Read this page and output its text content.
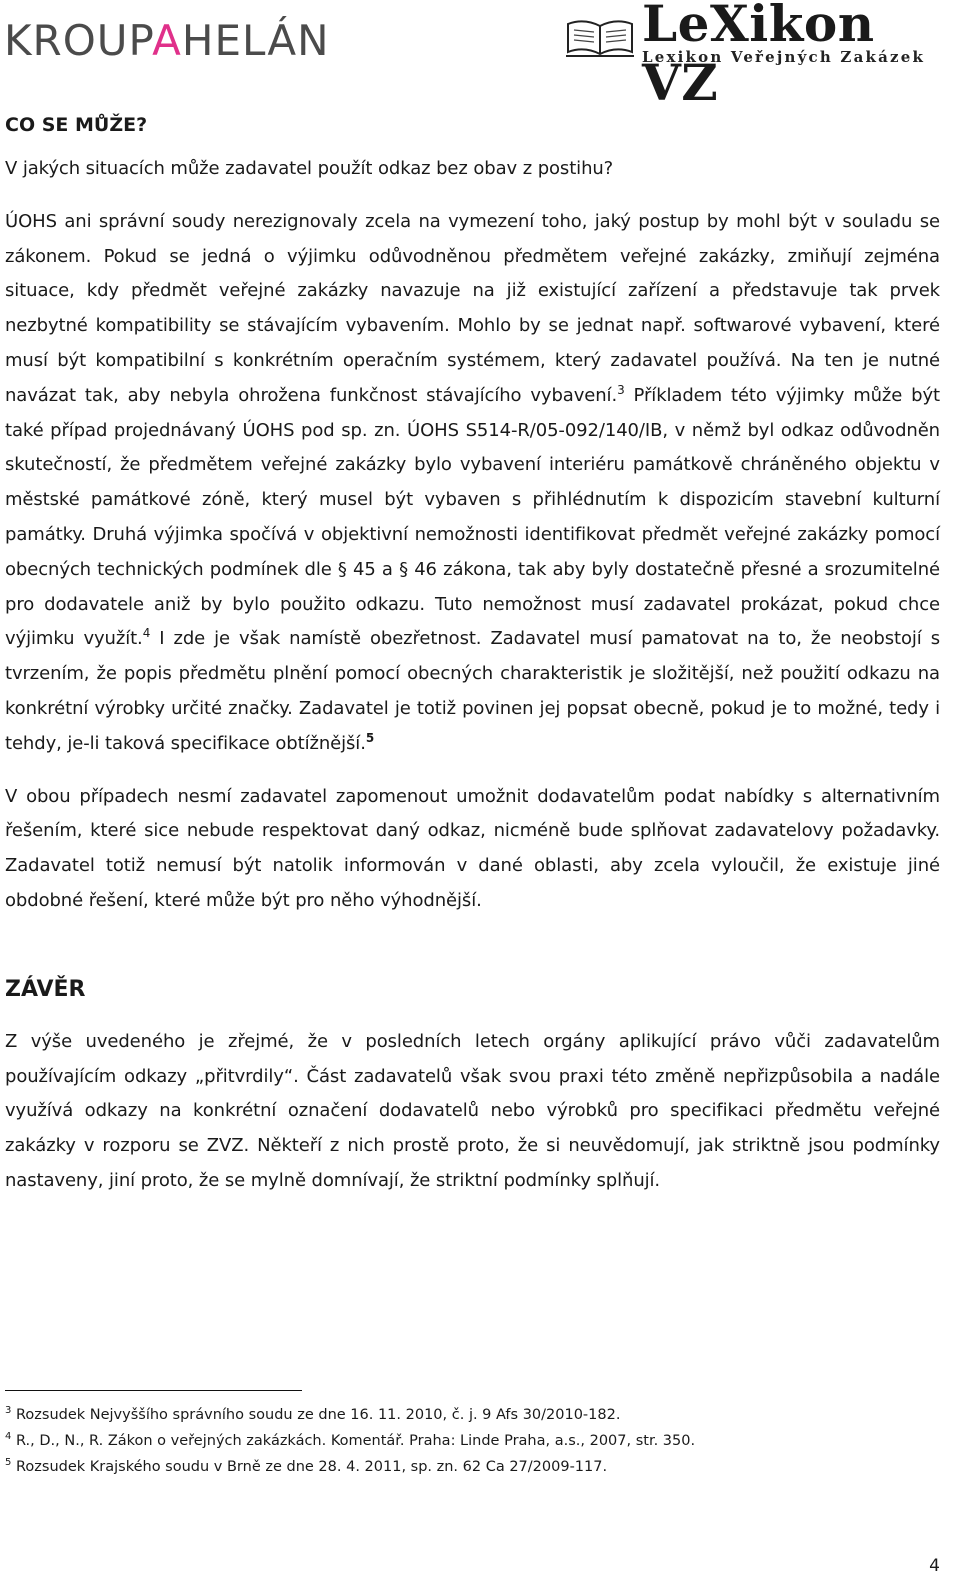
KROUPAHELÁN	LeXikon VZ
Lexikon Veřejných Zakázek
CO SE MŮŽE?

V jakých situacích může zadavatel použít odkaz bez obav z postihu?

ÚOHS ani správní soudy nerezignovaly zcela na vymezení toho, jaký postup by mohl být v souladu se zákonem. Pokud se jedná o výjimku odůvodněnou předmětem veřejné zakázky, zmiňují zejména situace, kdy předmět veřejné zakázky navazuje na již existující zařízení a představuje tak prvek nezbytné kompatibility se stávajícím vybavením. Mohlo by se jednat např. softwarové vybavení, které musí být kompatibilní s konkrétním operačním systémem, který zadavatel používá. Na ten je nutné navázat tak, aby nebyla ohrožena funkčnost stávajícího vybavení.$^3$ Příkladem této výjimky může být také případ projednávaný ÚOHS pod sp. zn. ÚOHS S514-R/05-092/140/IB, v němž byl odkaz odůvodněn skutečností, že předmětem veřejné zakázky bylo vybavení interiéru památkově chráněného objektu v městské památkové zóně, který musel být vybaven s přihlédnutím k dispozicím stavební kulturní památky. Druhá výjimka spočívá v objektivní nemožnosti identifikovat předmět veřejné zakázky pomocí obecných technických podmínek dle § 45 a § 46 zákona, tak aby byly dostatečně přesné a srozumitelné pro dodavatele aniž by bylo použito odkazu. Tuto nemožnost musí zadavatel prokázat, pokud chce výjimku využít.$^4$ I zde je však namístě obezřetnost. Zadavatel musí pamatovat na to, že neobstojí s tvrzením, že popis předmětu plnění pomocí obecných charakteristik je složitější, než použití odkazu na konkrétní výrobky určité značky. Zadavatel je totiž povinen jej popsat obecně, pokud je to možné, tedy i tehdy, je-li taková specifikace obtížnější.$^5$

V obou případech nesmí zadavatel zapomenout umožnit dodavatelům podat nabídky s alternativním řešením, které sice nebude respektovat daný odkaz, nicméně bude splňovat zadavatelovy požadavky. Zadavatel totiž nemusí být natolik informován v dané oblasti, aby zcela vyloučil, že existuje jiné obdobné řešení, které může být pro něho výhodnější.

ZÁVĚR

Z výše uvedeného je zřejmé, že v posledních letech orgány aplikující právo vůči zadavatelům používajícím odkazy „přitvrdily“. Část zadavatelů však svou praxi této změně nepřizpůsobila a nadále využívá odkazy na konkrétní označení dodavatelů nebo výrobků pro specifikaci předmětu veřejné zakázky v rozporu se ZVZ. Někteří z nich prostě proto, že si neuvědomují, jak striktně jsou podmínky nastaveny, jiní proto, že se mylně domnívají, že striktní podmínky splňují.

$^3$ Rozsudek Nejvyššího správního soudu ze dne 16. 11. 2010, č. j. 9 Afs 30/2010-182.

$^4$ R., D., N., R. Zákon o veřejných zakázkách. Komentář. Praha: Linde Praha, a.s., 2007, str. 350.

$^5$ Rozsudek Krajského soudu v Brně ze dne 28. 4. 2011, sp. zn. 62 Ca 27/2009-117.

4
